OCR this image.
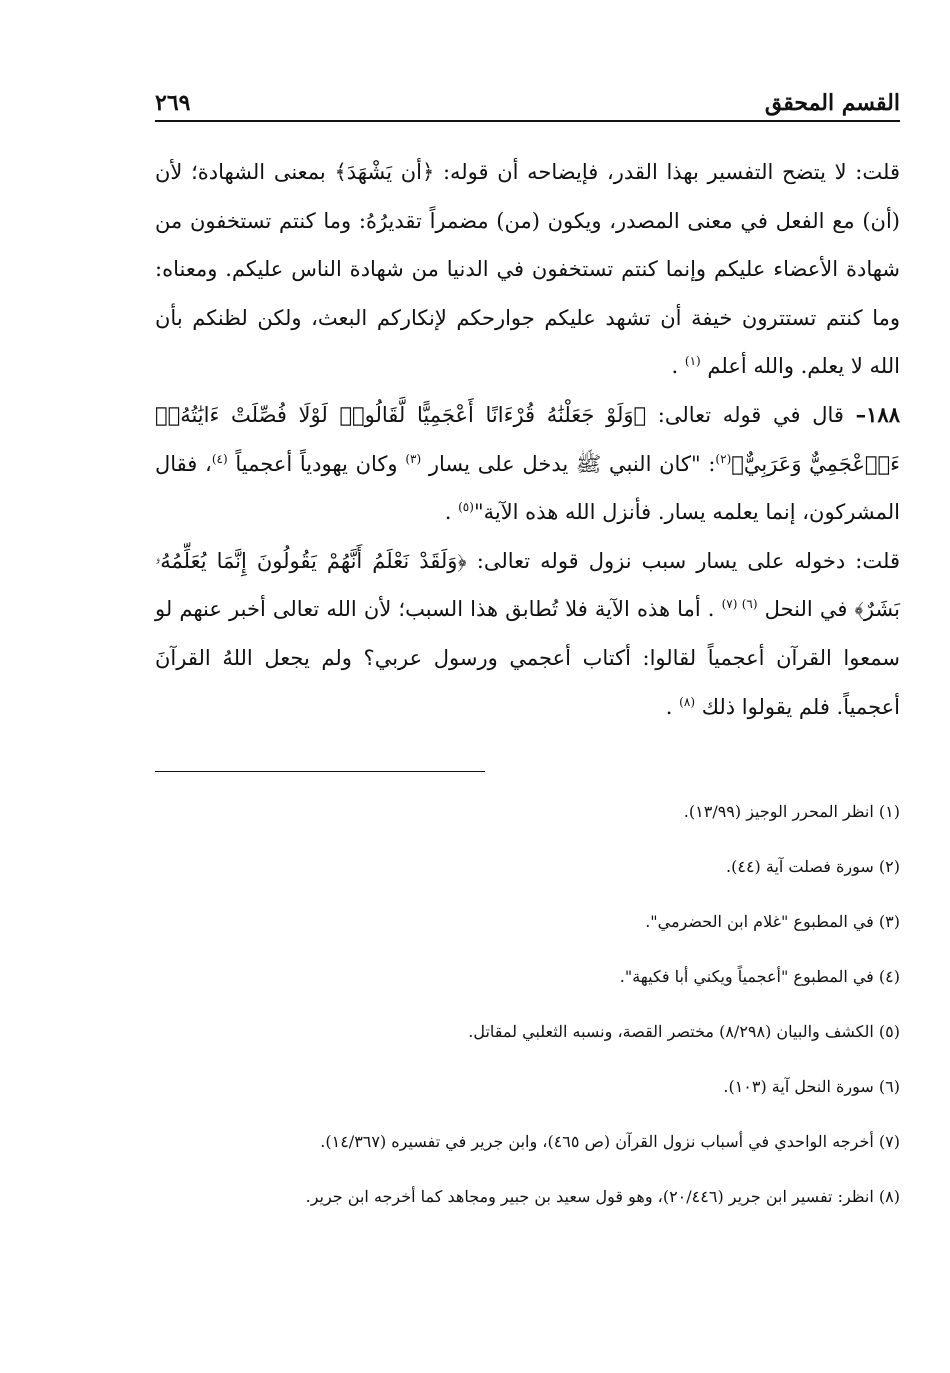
القسم المحقق
٢٦٩

قلت: لا يتضح التفسير بهذا القدر، فإيضاحه أن قوله: ﴿أن يَشْهَدَ﴾ بمعنى الشهادة؛ لأن (أن) مع الفعل في معنى المصدر، ويكون (من) مضمراً تقديرُهُ: وما كنتم تستخفون من شهادة الأعضاء عليكم وإنما كنتم تستخفون في الدنيا من شهادة الناس عليكم. ومعناه: وما كنتم تستترون خيفة أن تشهد عليكم جوارحكم لإنكاركم البعث، ولكن لظنكم بأن الله لا يعلم. والله أعلم $^{(١)}$ .

١٨٨– قال في قوله تعالى: ﴿وَلَوْ جَعَلْنَٰهُ قُرْءَانًا أَعْجَمِيًّا لَّقَالُوا۟ لَوْلَا فُصِّلَتْ ءَايَٰتُهُۥٓ ءَا۬عْجَمِيٌّ وَعَرَبِيٌّ﴾$^{(٢)}$: "كان النبي ﷺ يدخل على يسار $^{(٣)}$ وكان يهودياً أعجمياً $^{(٤)}$، فقال المشركون، إنما يعلمه يسار. فأنزل الله هذه الآية"$^{(٥)}$ .

قلت: دخوله على يسار سبب نزول قوله تعالى: ﴿وَلَقَدْ نَعْلَمُ أَنَّهُمْ يَقُولُونَ إِنَّمَا يُعَلِّمُهُۥ بَشَرٌ﴾ في النحل $^{(٦) (٧)}$ . أما هذه الآية فلا تُطابق هذا السبب؛ لأن الله تعالى أخبر عنهم لو سمعوا القرآن أعجمياً لقالوا: أكتاب أعجمي ورسول عربي؟ ولم يجعل اللهُ القرآنَ أعجمياً. فلم يقولوا ذلك $^{(٨)}$ .

(١) انظر المحرر الوجيز (١٣/٩٩).
(٢) سورة فصلت آية (٤٤).
(٣) في المطبوع "غلام ابن الحضرمي".
(٤) في المطبوع "أعجمياً ويكني أبا فكيهة".
(٥) الكشف والبيان (٨/٢٩٨) مختصر القصة، ونسبه الثعلبي لمقاتل.
(٦) سورة النحل آية (١٠٣).
(٧) أخرجه الواحدي في أسباب نزول القرآن (ص ٤٦٥)، وابن جرير في تفسيره (١٤/٣٦٧).
(٨) انظر: تفسير ابن جرير (٢٠/٤٤٦)، وهو قول سعيد بن جبير ومجاهد كما أخرجه ابن جرير.
